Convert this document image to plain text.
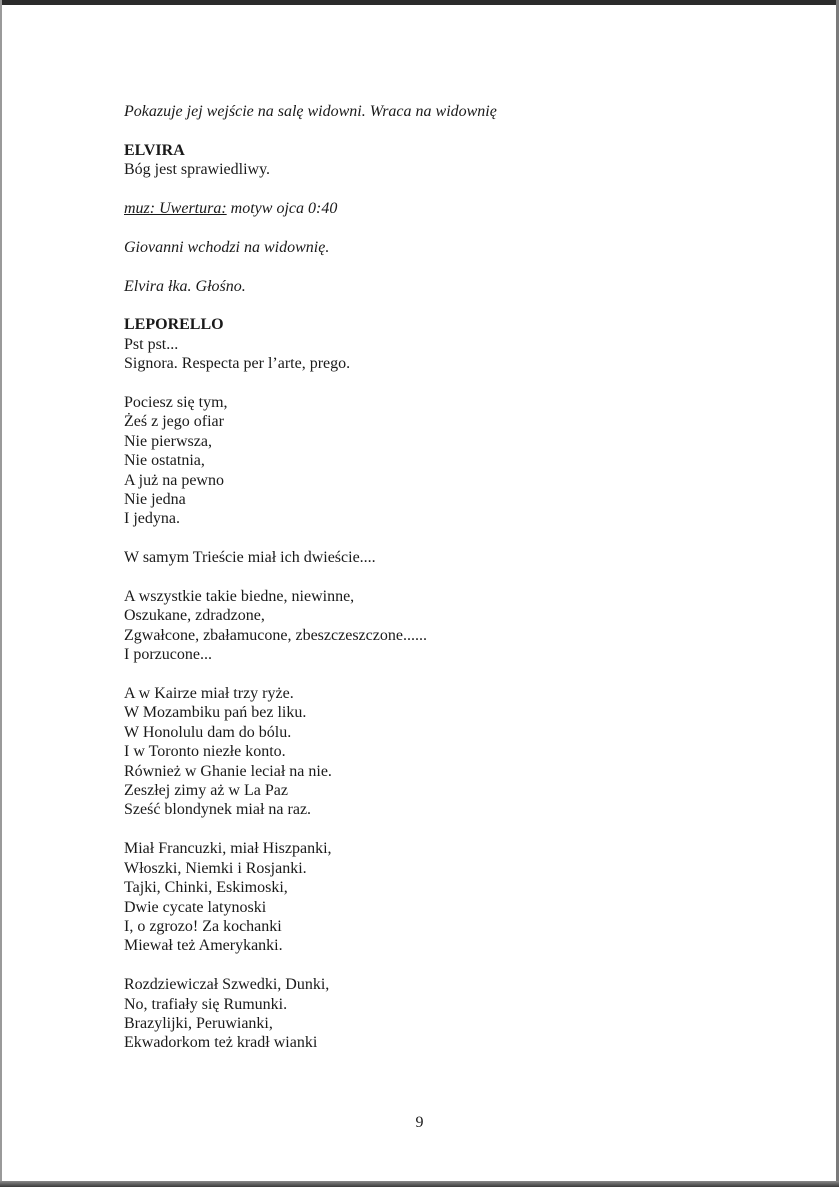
Pokazuje jej wejście na salę widowni. Wraca na widownię
ELVIRA
Bóg jest sprawiedliwy.
muz: Uwertura: motyw ojca 0:40
Giovanni wchodzi na widownię.
Elvira łka. Głośno.
LEPORELLO
Pst pst...
Signora. Respecta per l’arte, prego.
Pociesz się tym,
Żeś z jego ofiar
Nie pierwsza,
Nie ostatnia,
A już na pewno
Nie jedna
I jedyna.
W samym Trieście miał ich dwieście....
A wszystkie takie biedne, niewinne,
Oszukane, zdradzone,
Zgwałcone, zbałamucone, zbeszczeszczone......
I porzucone...
A w Kairze miał trzy ryże.
W Mozambiku pań bez liku.
W Honolulu dam do bólu.
I w Toronto niezłe konto.
Również w Ghanie leciał na nie.
Zeszłej zimy aż w La Paz
Sześć blondynek miał na raz.
Miał Francuzki, miał Hiszpanki,
Włoszki, Niemki i Rosjanki.
Tajki, Chinki, Eskimoski,
Dwie cycate latynoski
I, o zgrozo! Za kochanki
Miewał też Amerykanki.
Rozdziewiczał Szwedki, Dunki,
No, trafiały się Rumunki.
Brazylijki, Peruwianki,
Ekwadorkom też kradł wianki
9
